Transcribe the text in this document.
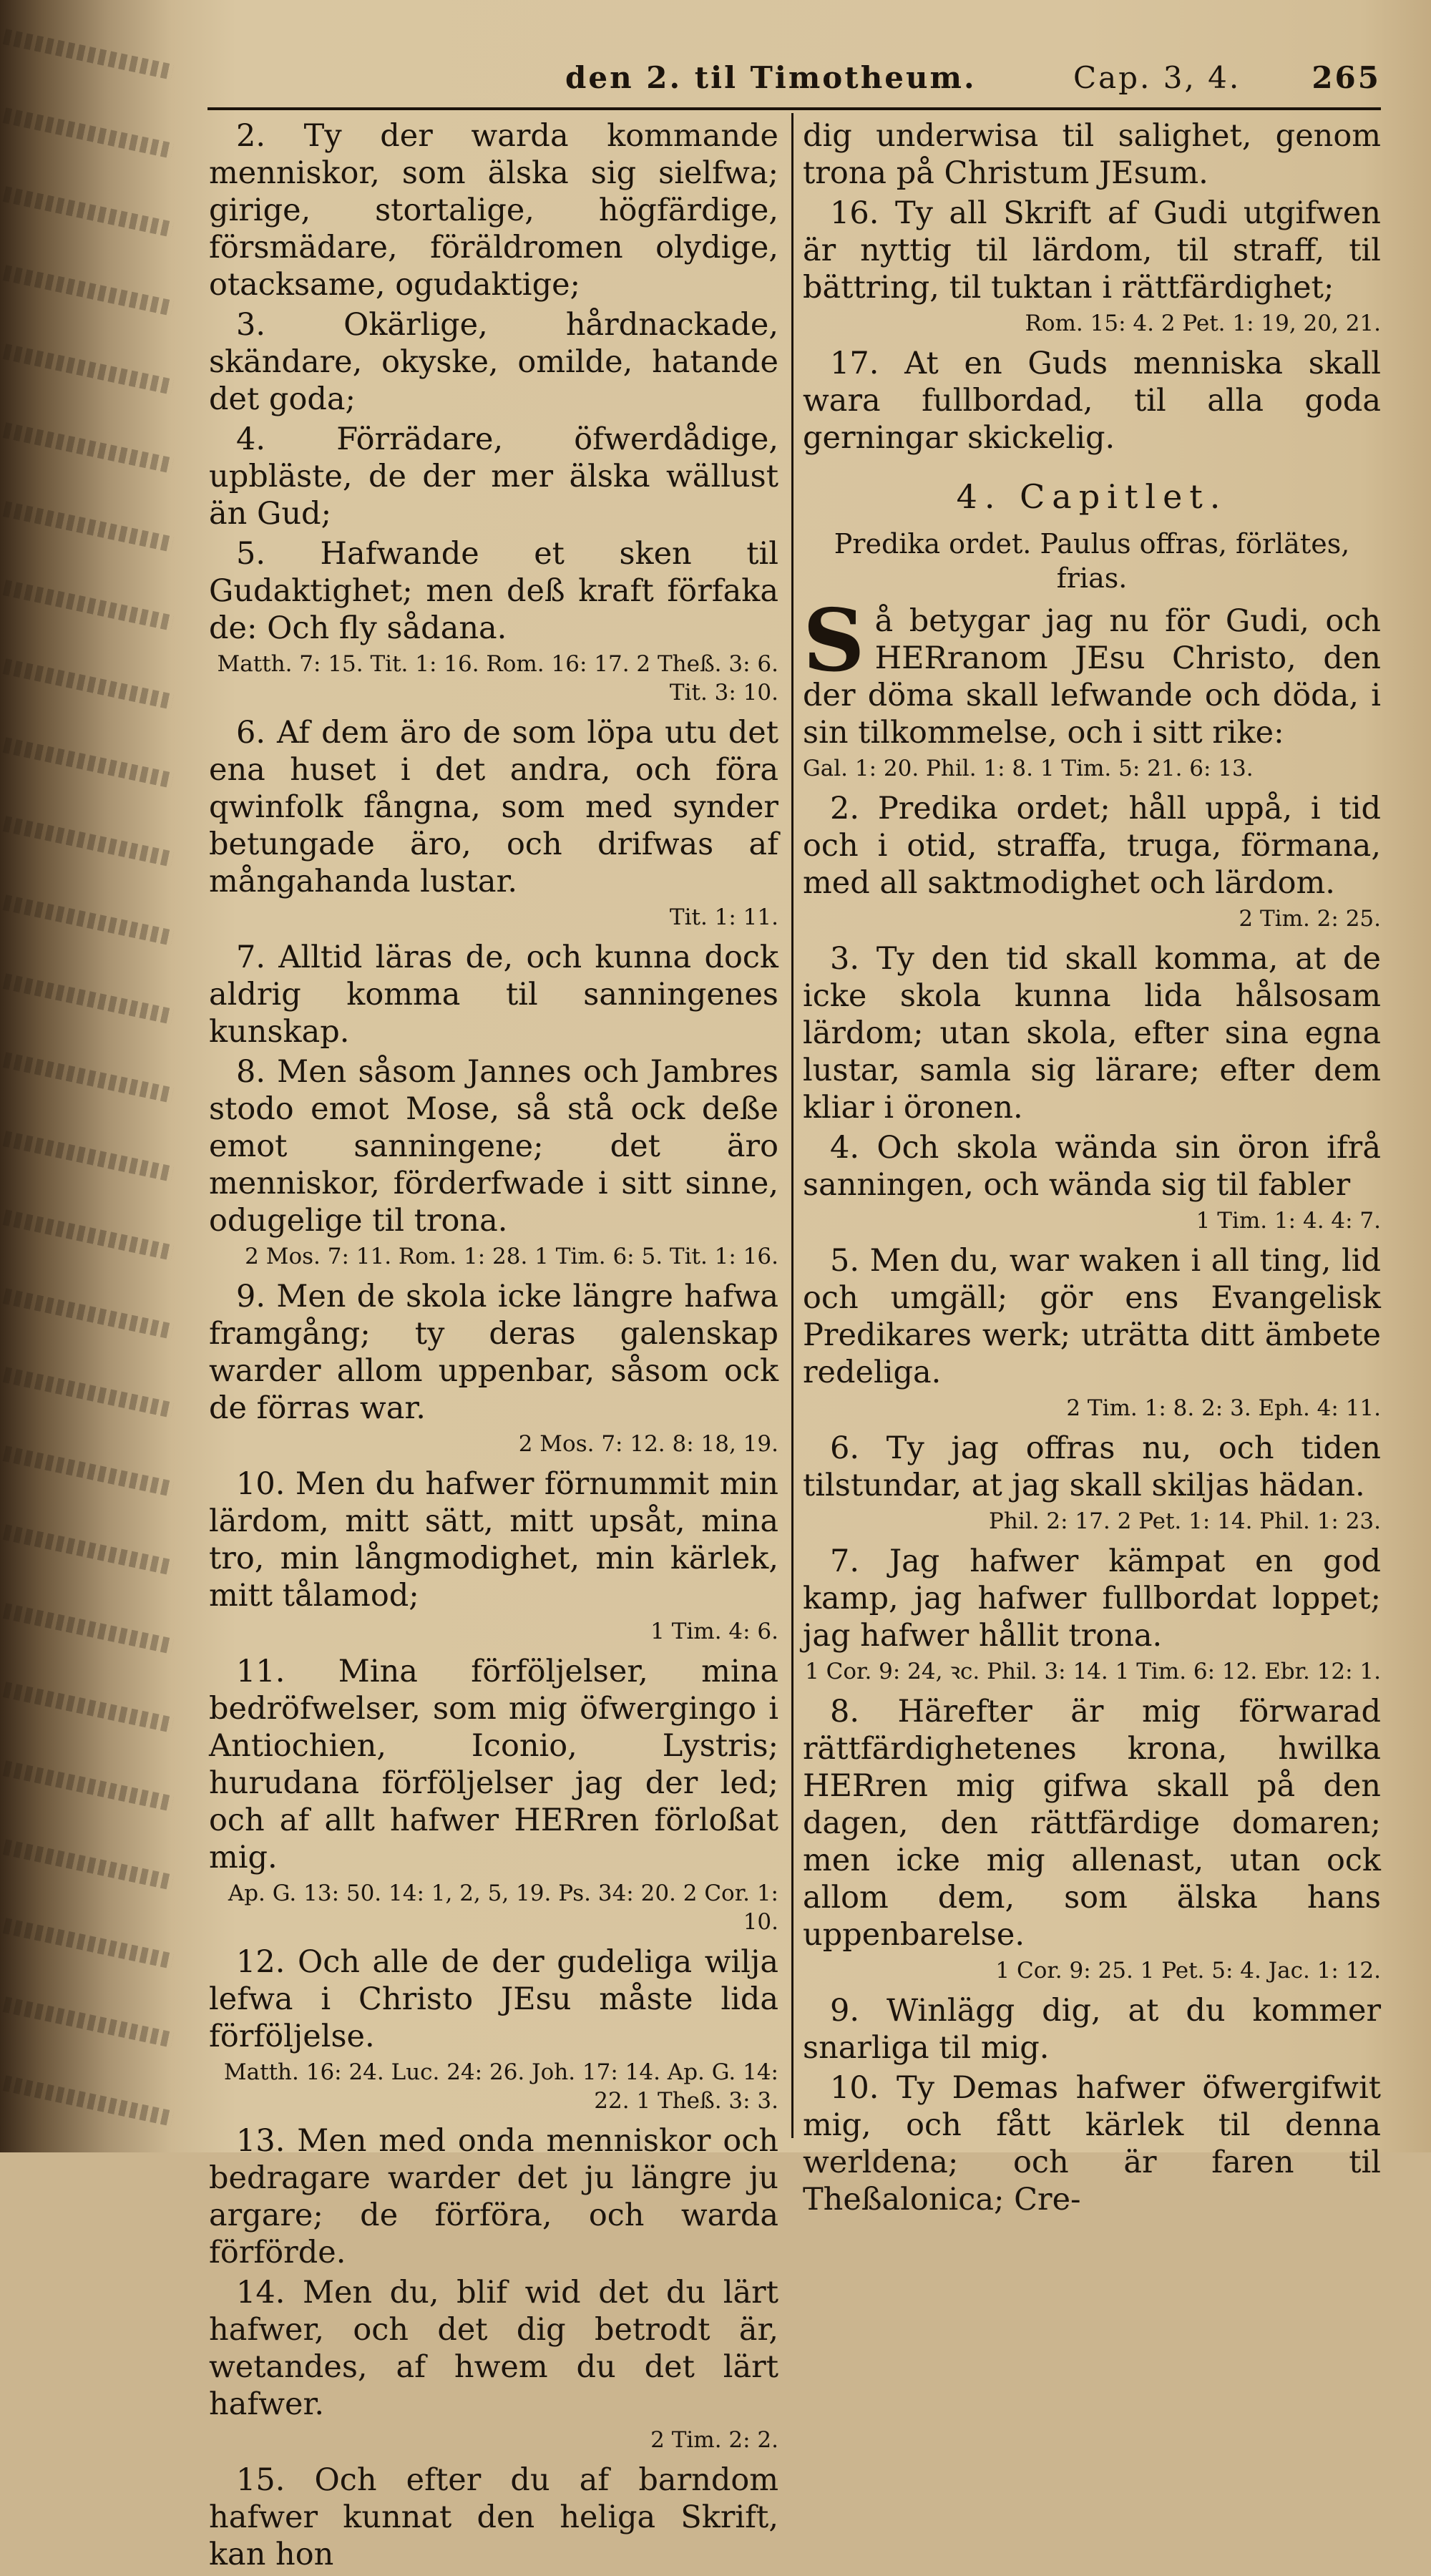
den 2. til Timotheum.	Cap. 3, 4. 265

2. Ty der warda kommande menniskor, som älska sig sielfwa; girige, stortalige, högfärdige, försmädare, föräldromen olydige, otacksame, ogudaktige;

3.	Okärlige, hårdnackade, skändare, okyske, omilde, hatande det goda;

4. Förrädare, öfwerdådige, upbläste, de der mer älska wällust än Gud;

5. Hafwande et sken til Gudaktighet; men deß kraft förfaka de: Och fly sådana.

Matth. 7: 15. Tit. 1: 16. Rom. 16: 17. 2 Theß. 3: 6. Tit. 3: 10.

6. Af dem äro de som löpa utu det ena huset i det andra, och föra qwinfolk fångna, som med synder betungade äro, och drifwas af mångahanda lustar.

Tit. 1: 11.

7. Alltid läras de, och kunna dock aldrig komma til sanningenes kunskap.

8. Men såsom Jannes och Jambres stodo emot Mose, så stå ock deße emot sanningene; det äro menniskor, förderfwade i sitt sinne, odugelige til trona.

2 Mos. 7: 11. Rom. 1: 28. 1 Tim. 6: 5. Tit. 1: 16.

9. Men de skola icke längre hafwa framgång; ty deras galenskap warder allom uppenbar, såsom ock de förras war.

2 Mos. 7: 12. 8: 18, 19.

10. Men du hafwer förnummit min lärdom, mitt sätt, mitt upsåt, mina tro, min långmodighet, min kärlek, mitt tålamod;

1 Tim. 4: 6.

11. Mina förföljelser, mina bedröfwelser, som mig öfwergingo i Antiochien, Iconio, Lystris; hurudana förföljelser jag der led; och af allt hafwer HERren förloßat mig.

Ap. G. 13: 50. 14: 1, 2, 5, 19. Ps. 34: 20. 2 Cor. 1: 10.

12. Och alle de der gudeliga wilja lefwa i Christo JEsu måste lida förföljelse.

Matth. 16: 24. Luc. 24: 26. Joh. 17: 14. Ap. G. 14: 22. 1 Theß. 3: 3.

13. Men med onda menniskor och bedragare warder det ju längre ju argare; de förföra, och warda förförde.

14. Men du, blif wid det du lärt hafwer, och det dig betrodt är, wetandes, af hwem du det lärt hafwer.

2 Tim. 2: 2.

15. Och efter du af barndom hafwer kunnat den heliga Skrift, kan hon

dig underwisa til salighet, genom trona på Christum JEsum.

16. Ty all Skrift af Gudi utgifwen är nyttig til lärdom, til straff, til bättring, til tuktan i rättfärdighet;

Rom. 15: 4. 2 Pet. 1: 19, 20, 21.

17. At en Guds menniska skall wara fullbordad, til alla goda gerningar skickelig.

4. Capitlet.
Predika ordet. Paulus offras, förlätes, frias.

Så betygar jag nu för Gudi, och HERranom JEsu Christo, den der döma skall lefwande och döda, i sin tilkommelse, och i sitt rike:

Gal. 1: 20. Phil. 1: 8. 1 Tim. 5: 21. 6: 13.

2. Predika ordet; håll uppå, i tid och i otid, straffa, truga, förmana, med all saktmodighet och lärdom.

2 Tim. 2: 25.

3. Ty den tid skall komma, at de icke skola kunna lida hålsosam lärdom; utan skola, efter sina egna lustar, samla sig lärare; efter dem kliar i öronen.

4. Och skola wända sin öron ifrå sanningen, och wända sig til fabler

1 Tim. 1: 4. 4: 7.

5. Men du, war waken i all ting, lid och umgäll; gör ens Evangelisk Predikares werk; uträtta ditt ämbete redeliga.

2 Tim. 1: 8. 2: 3. Eph. 4: 11.

6. Ty jag offras nu, och tiden tilstundar, at jag skall skiljas hädan.

Phil. 2: 17. 2 Pet. 1: 14. Phil. 1: 23.

7. Jag hafwer kämpat en god kamp, jag hafwer fullbordat loppet; jag hafwer hållit trona.

1 Cor. 9: 24, ꝛc. Phil. 3: 14. 1 Tim. 6: 12. Ebr. 12: 1.

8. Härefter är mig förwarad rättfärdighetenes krona, hwilka HERren mig gifwa skall på den dagen, den rättfärdige domaren; men icke mig allenast, utan ock allom dem, som älska hans uppenbarelse.

1 Cor. 9: 25. 1 Pet. 5: 4. Jac. 1: 12.

9. Winlägg dig, at du kommer snarliga til mig.

10. Ty Demas hafwer öfwergifwit mig, och fått kärlek til denna werldena; och är faren til Theßalonica; Cre-
